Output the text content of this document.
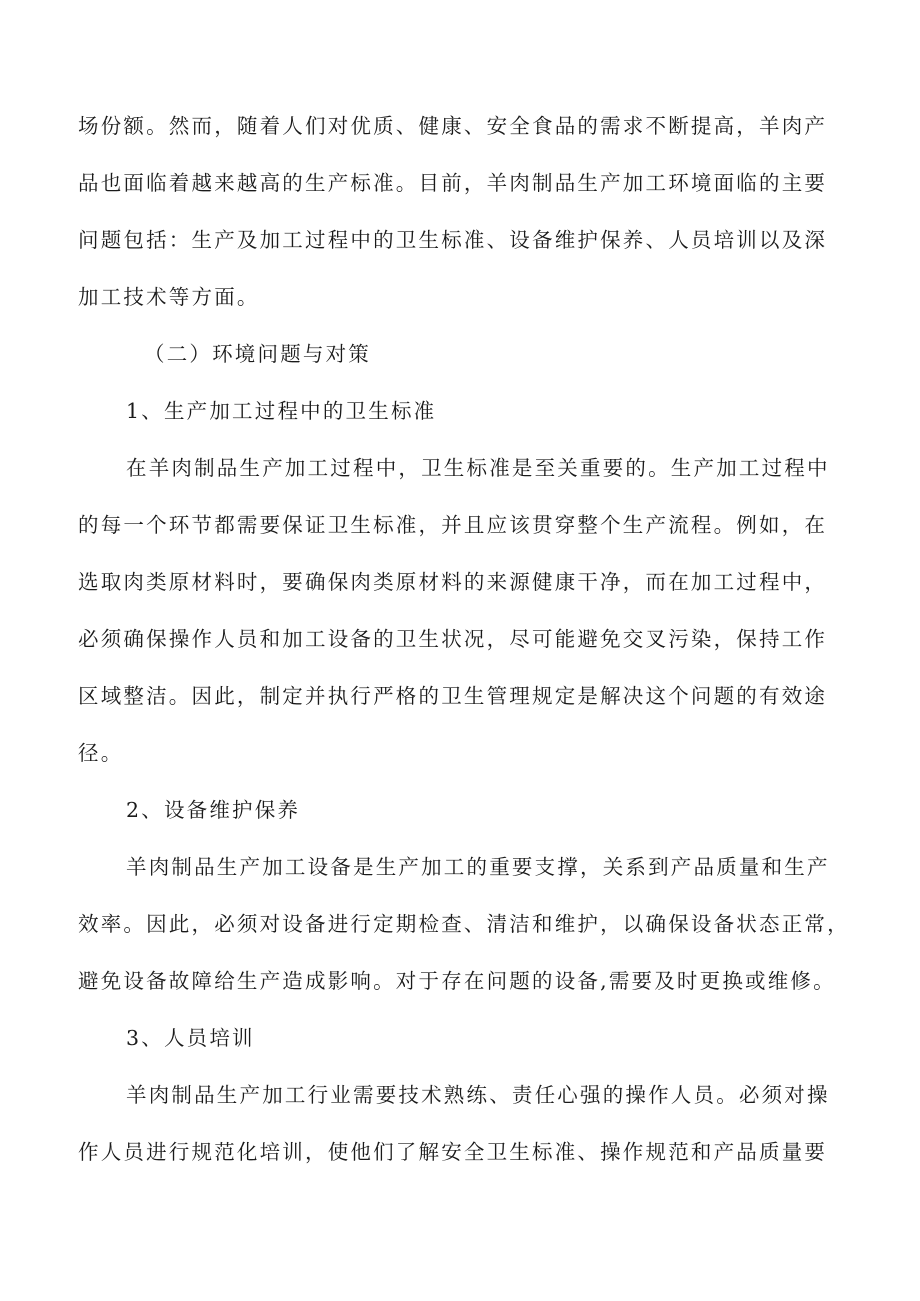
场份额。然而，随着人们对优质、健康、安全食品的需求不断提高，羊肉产
品也面临着越来越高的生产标准。目前，羊肉制品生产加工环境面临的主要
问题包括：生产及加工过程中的卫生标准、设备维护保养、人员培训以及深
加工技术等方面。
（二）环境问题与对策
1、生产加工过程中的卫生标准
在羊肉制品生产加工过程中，卫生标准是至关重要的。生产加工过程中
的每一个环节都需要保证卫生标准，并且应该贯穿整个生产流程。例如，在
选取肉类原材料时，要确保肉类原材料的来源健康干净，而在加工过程中，
必须确保操作人员和加工设备的卫生状况，尽可能避免交叉污染，保持工作
区域整洁。因此，制定并执行严格的卫生管理规定是解决这个问题的有效途
径。
2、设备维护保养
羊肉制品生产加工设备是生产加工的重要支撑，关系到产品质量和生产
效率。因此，必须对设备进行定期检查、清洁和维护，以确保设备状态正常，
避免设备故障给生产造成影响。对于存在问题的设备,需要及时更换或维修。
3、人员培训
羊肉制品生产加工行业需要技术熟练、责任心强的操作人员。必须对操
作人员进行规范化培训，使他们了解安全卫生标准、操作规范和产品质量要
